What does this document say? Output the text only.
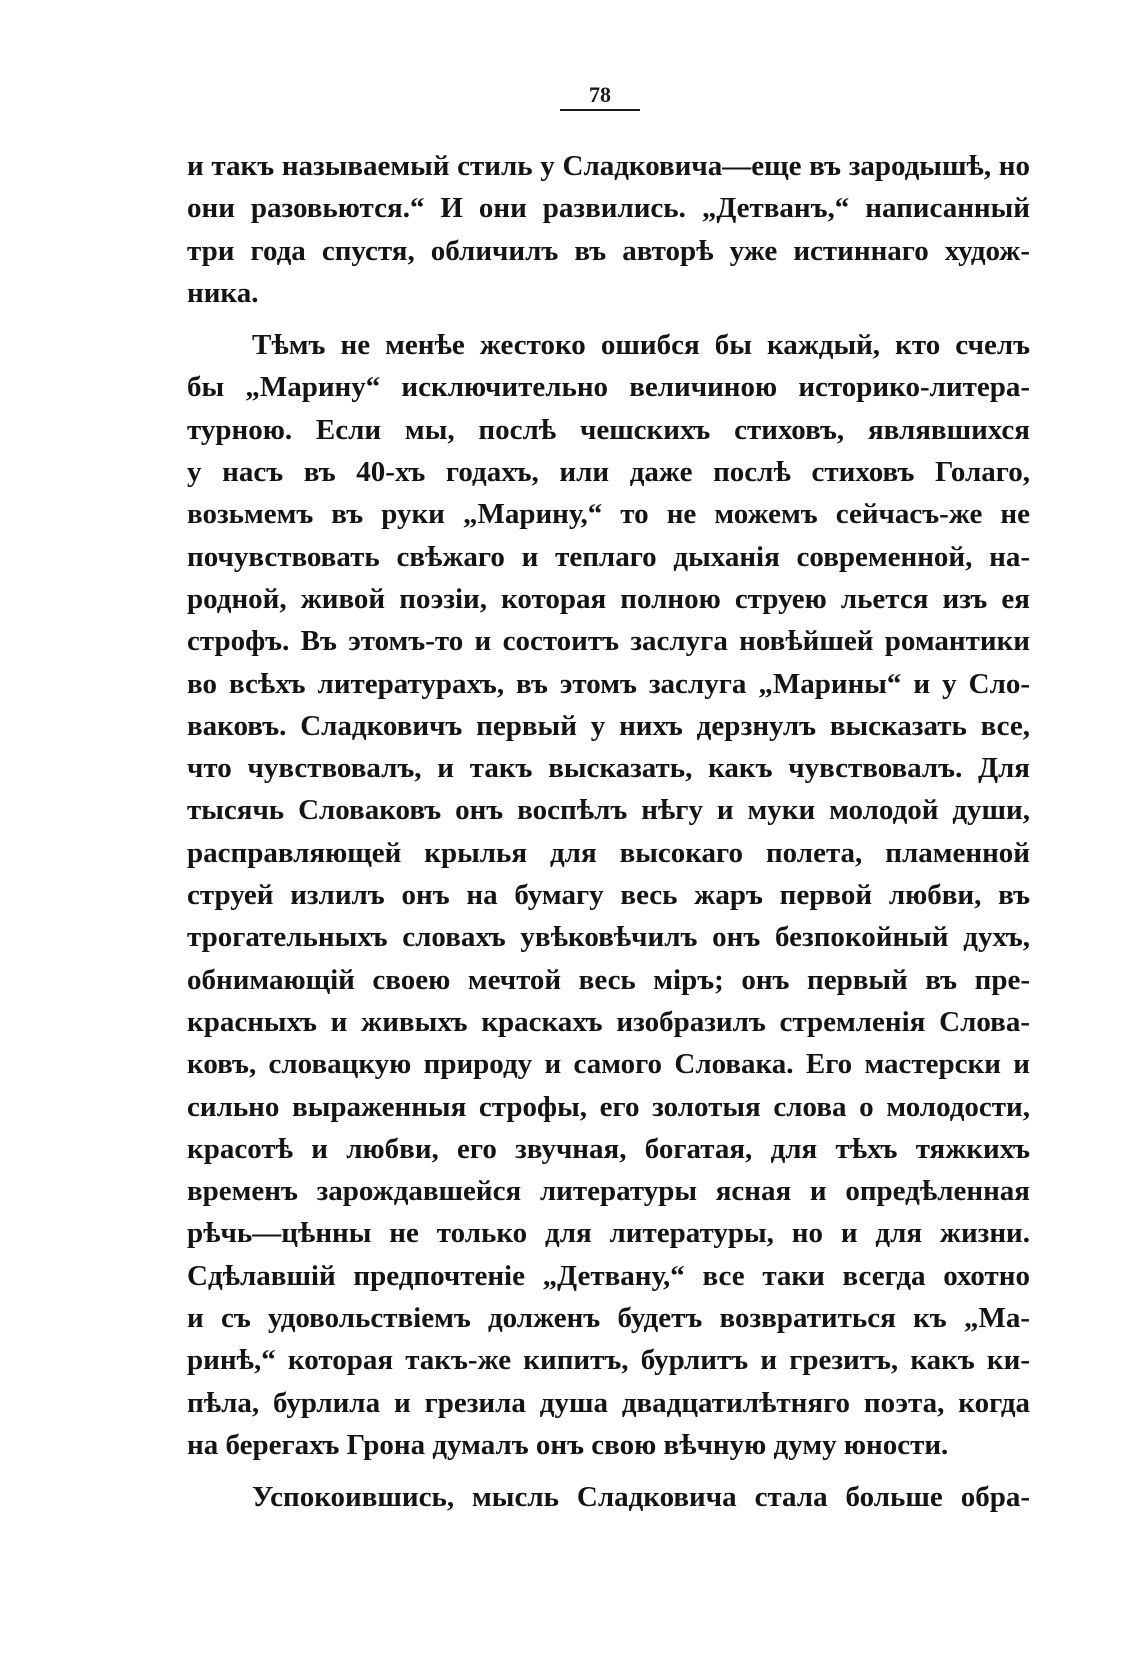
78
и такъ называемый стиль у Сладковича—еще въ зародышѣ, но
они разовьются.“ И они развились. „Детванъ,“ написанный
три года спустя, обличилъ въ авторѣ уже истиннаго худож-
ника.
Тѣмъ не менѣе жестоко ошибся бы каждый, кто счелъ
бы „Марину“ исключительно величиною историко-литера-
турною. Если мы, послѣ чешскихъ стиховъ, являвшихся
у насъ въ 40-хъ годахъ, или даже послѣ стиховъ Голаго,
возьмемъ въ руки „Марину,“ то не можемъ сейчасъ-же не
почувствовать свѣжаго и теплаго дыханія современной, на-
родной, живой поэзіи, которая полною струею льется изъ ея
строфъ. Въ этомъ-то и состоитъ заслуга новѣйшей романтики
во всѣхъ литературахъ, въ этомъ заслуга „Марины“ и у Сло-
ваковъ. Сладковичъ первый у нихъ дерзнулъ высказать все,
что чувствовалъ, и такъ высказать, какъ чувствовалъ. Для
тысячь Словаковъ онъ воспѣлъ нѣгу и муки молодой души,
расправляющей крылья для высокаго полета, пламенной
струей излилъ онъ на бумагу весь жаръ первой любви, въ
трогательныхъ словахъ увѣковѣчилъ онъ безпокойный духъ,
обнимающій своею мечтой весь міръ; онъ первый въ пре-
красныхъ и живыхъ краскахъ изобразилъ стремленія Слова-
ковъ, словацкую природу и самого Словака. Его мастерски и
сильно выраженныя строфы, его золотыя слова о молодости,
красотѣ и любви, его звучная, богатая, для тѣхъ тяжкихъ
временъ зарождавшейся литературы ясная и опредѣленная
рѣчь—цѣнны не только для литературы, но и для жизни.
Сдѣлавшій предпочтеніе „Детвану,“ все таки всегда охотно
и съ удовольствіемъ долженъ будетъ возвратиться къ „Ма-
ринѣ,“ которая такъ-же кипитъ, бурлитъ и грезитъ, какъ ки-
пѣла, бурлила и грезила душа двадцатилѣтняго поэта, когда
на берегахъ Грона думалъ онъ свою вѣчную думу юности.
Успокоившись, мысль Сладковича стала больше обра-
